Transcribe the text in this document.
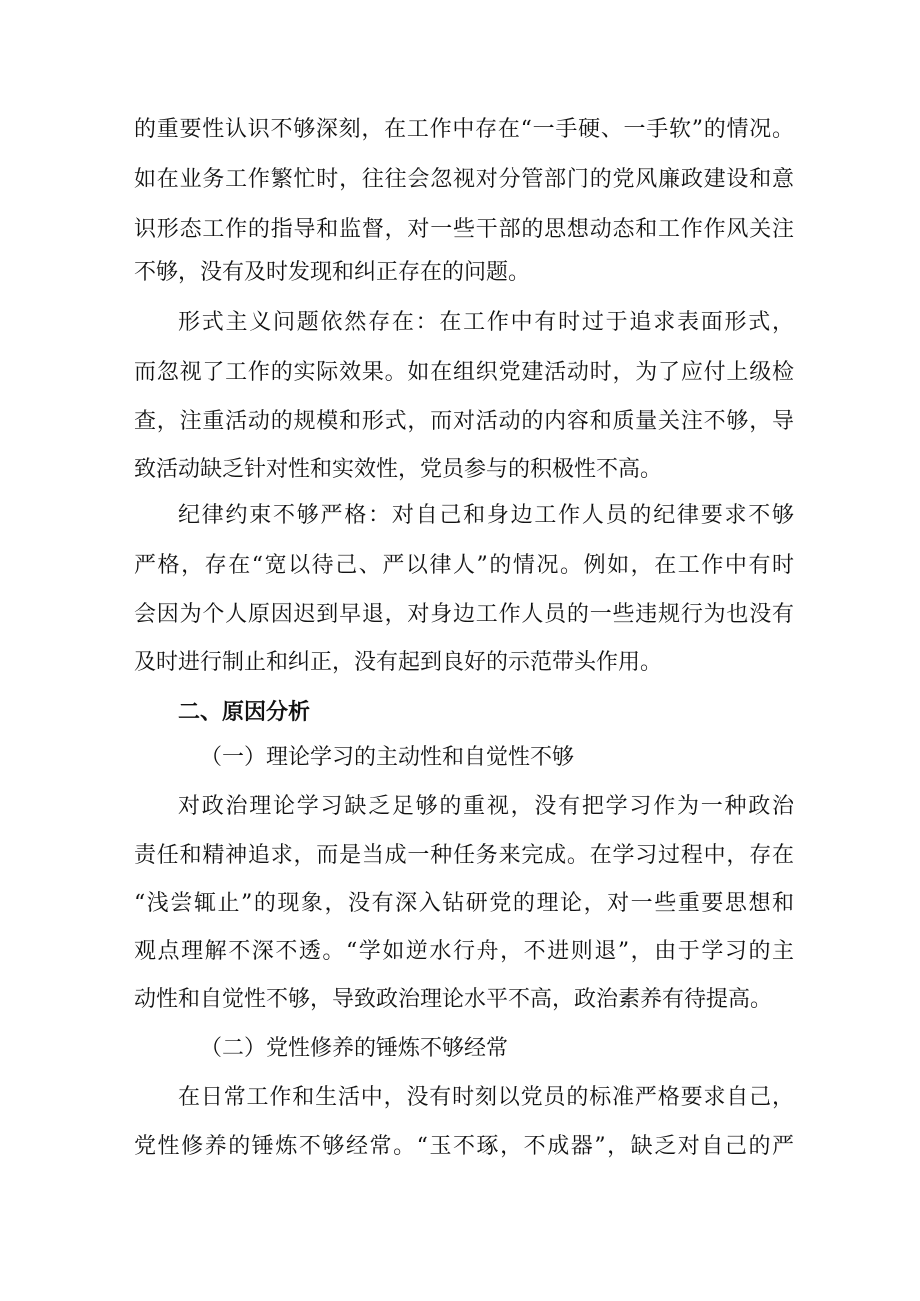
的重要性认识不够深刻，在工作中存在“一手硬、一手软”的情况。
如在业务工作繁忙时，往往会忽视对分管部门的党风廉政建设和意
识形态工作的指导和监督，对一些干部的思想动态和工作作风关注
不够，没有及时发现和纠正存在的问题。
形式主义问题依然存在：在工作中有时过于追求表面形式，
而忽视了工作的实际效果。如在组织党建活动时，为了应付上级检
查，注重活动的规模和形式，而对活动的内容和质量关注不够，导
致活动缺乏针对性和实效性，党员参与的积极性不高。
纪律约束不够严格：对自己和身边工作人员的纪律要求不够
严格，存在“宽以待己、严以律人”的情况。例如，在工作中有时
会因为个人原因迟到早退，对身边工作人员的一些违规行为也没有
及时进行制止和纠正，没有起到良好的示范带头作用。
二、原因分析
（一）理论学习的主动性和自觉性不够
对政治理论学习缺乏足够的重视，没有把学习作为一种政治
责任和精神追求，而是当成一种任务来完成。在学习过程中，存在
“浅尝辄止”的现象，没有深入钻研党的理论，对一些重要思想和
观点理解不深不透。“学如逆水行舟，不进则退”，由于学习的主
动性和自觉性不够，导致政治理论水平不高，政治素养有待提高。
（二）党性修养的锤炼不够经常
在日常工作和生活中，没有时刻以党员的标准严格要求自己，
党性修养的锤炼不够经常。“玉不琢，不成器”，缺乏对自己的严
